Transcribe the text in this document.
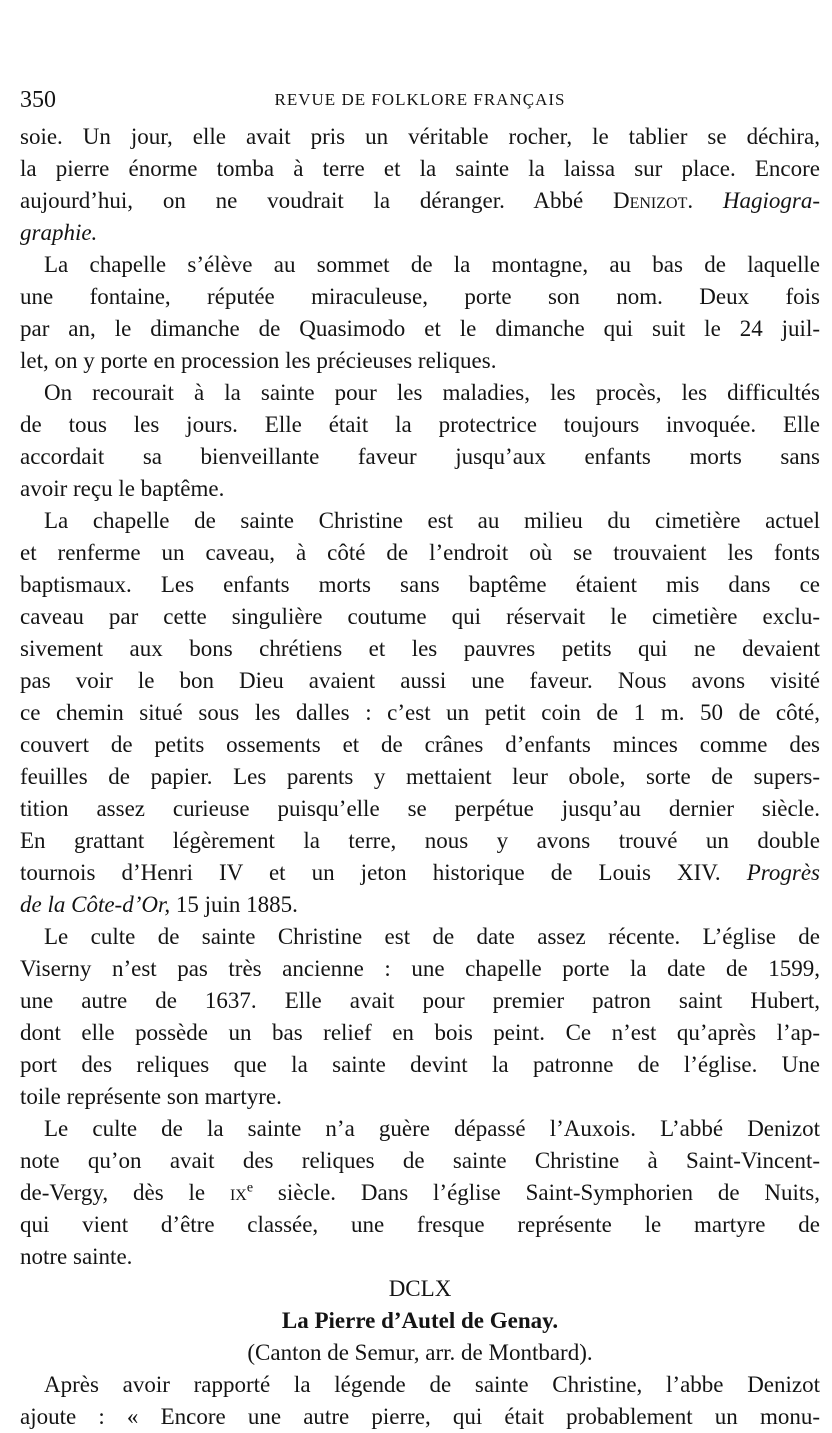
350	REVUE DE FOLKLORE FRANÇAIS
soie. Un jour, elle avait pris un véritable rocher, le tablier se déchira,
la pierre énorme tomba à terre et la sainte la laissa sur place. Encore
aujourd’hui, on ne voudrait la déranger. Abbé Denizot. Hagiogra-
graphie.
La chapelle s’élève au sommet de la montagne, au bas de laquelle
une fontaine, réputée miraculeuse, porte son nom. Deux fois
par an, le dimanche de Quasimodo et le dimanche qui suit le 24 juil-
let, on y porte en procession les précieuses reliques.
On recourait à la sainte pour les maladies, les procès, les difficultés
de tous les jours. Elle était la protectrice toujours invoquée. Elle
accordait sa bienveillante faveur jusqu’aux enfants morts sans
avoir reçu le baptême.
La chapelle de sainte Christine est au milieu du cimetière actuel
et renferme un caveau, à côté de l’endroit où se trouvaient les fonts
baptismaux. Les enfants morts sans baptême étaient mis dans ce
caveau par cette singulière coutume qui réservait le cimetière exclu-
sivement aux bons chrétiens et les pauvres petits qui ne devaient
pas voir le bon Dieu avaient aussi une faveur. Nous avons visité
ce chemin situé sous les dalles : c’est un petit coin de 1 m. 50 de côté,
couvert de petits ossements et de crânes d’enfants minces comme des
feuilles de papier. Les parents y mettaient leur obole, sorte de supers-
tition assez curieuse puisqu’elle se perpétue jusqu’au dernier siècle.
En grattant légèrement la terre, nous y avons trouvé un double
tournois d’Henri IV et un jeton historique de Louis XIV. Progrès
de la Côte-d’Or, 15 juin 1885.
Le culte de sainte Christine est de date assez récente. L’église de
Viserny n’est pas très ancienne : une chapelle porte la date de 1599,
une autre de 1637. Elle avait pour premier patron saint Hubert,
dont elle possède un bas relief en bois peint. Ce n’est qu’après l’ap-
port des reliques que la sainte devint la patronne de l’église. Une
toile représente son martyre.
Le culte de la sainte n’a guère dépassé l’Auxois. L’abbé Denizot
note qu’on avait des reliques de sainte Christine à Saint-Vincent-
de-Vergy, dès le $ix^e$ siècle. Dans l’église Saint-Symphorien de Nuits,
qui vient d’être classée, une fresque représente le martyre de
notre sainte.
DCLX
La Pierre d’Autel de Genay.
(Canton de Semur, arr. de Montbard).
Après avoir rapporté la légende de sainte Christine, l’abbe Denizot
ajoute : « Encore une autre pierre, qui était probablement un monu-
